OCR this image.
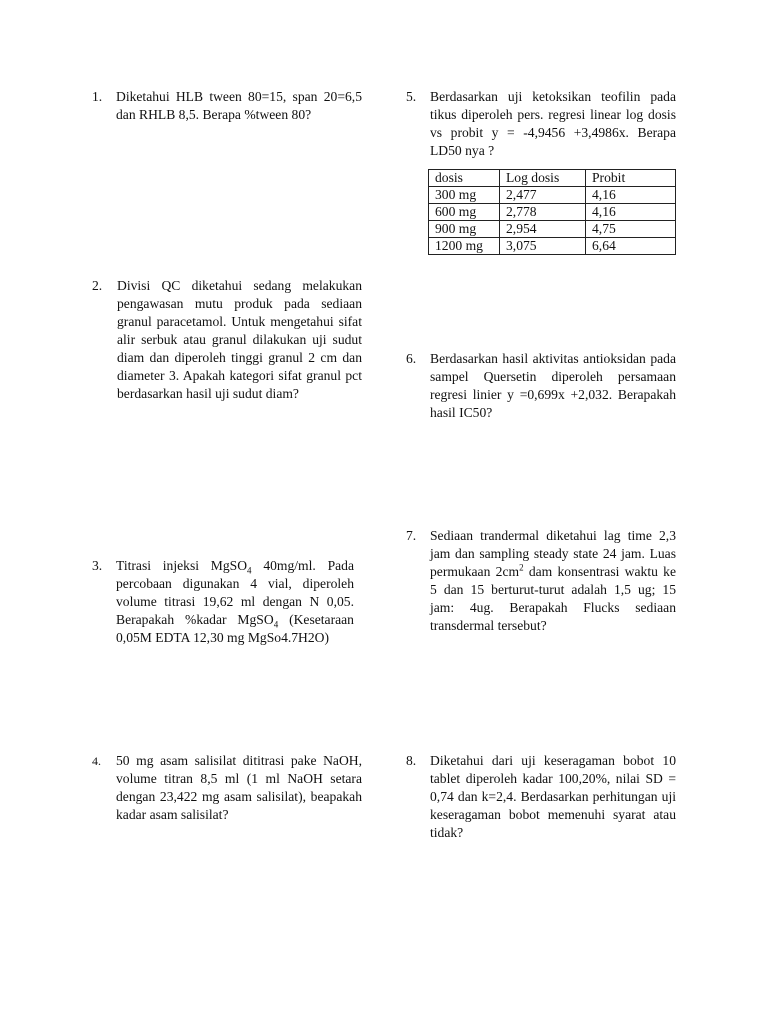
1. Diketahui HLB tween 80=15, span 20=6,5 dan RHLB 8,5. Berapa %tween 80?
2. Divisi QC diketahui sedang melakukan pengawasan mutu produk pada sediaan granul paracetamol. Untuk mengetahui sifat alir serbuk atau granul dilakukan uji sudut diam dan diperoleh tinggi granul 2 cm dan diameter 3. Apakah kategori sifat granul pct berdasarkan hasil uji sudut diam?
3. Titrasi injeksi MgSO$_4$ 40mg/ml. Pada percobaan digunakan 4 vial, diperoleh volume titrasi 19,62 ml dengan N 0,05. Berapakah %kadar MgSO$_4$ (Kesetaraan 0,05M EDTA 12,30 mg MgSo4.7H2O)
4. 50 mg asam salisilat dititrasi pake NaOH, volume titran 8,5 ml (1 ml NaOH setara dengan 23,422 mg asam salisilat), beapakah kadar asam salisilat?
5. Berdasarkan uji ketoksikan teofilin pada tikus diperoleh pers. regresi linear log dosis vs probit y = -4,9456 +3,4986x. Berapa LD50 nya ?
dosis	Log dosis	Probit
300 mg	2,477	4,16
600 mg	2,778	4,16
900 mg	2,954	4,75
1200 mg	3,075	6,64
6. Berdasarkan hasil aktivitas antioksidan pada sampel Quersetin diperoleh persamaan regresi linier y =0,699x +2,032. Berapakah hasil IC50?
7. Sediaan trandermal diketahui lag time 2,3 jam dan sampling steady state 24 jam. Luas permukaan $2cm^2$ dam konsentrasi waktu ke 5 dan 15 berturut-turut adalah 1,5 ug; 15 jam: 4ug. Berapakah Flucks sediaan transdermal tersebut?
8. Diketahui dari uji keseragaman bobot 10 tablet diperoleh kadar 100,20%, nilai SD = 0,74 dan k=2,4. Berdasarkan perhitungan uji keseragaman bobot memenuhi syarat atau tidak?
